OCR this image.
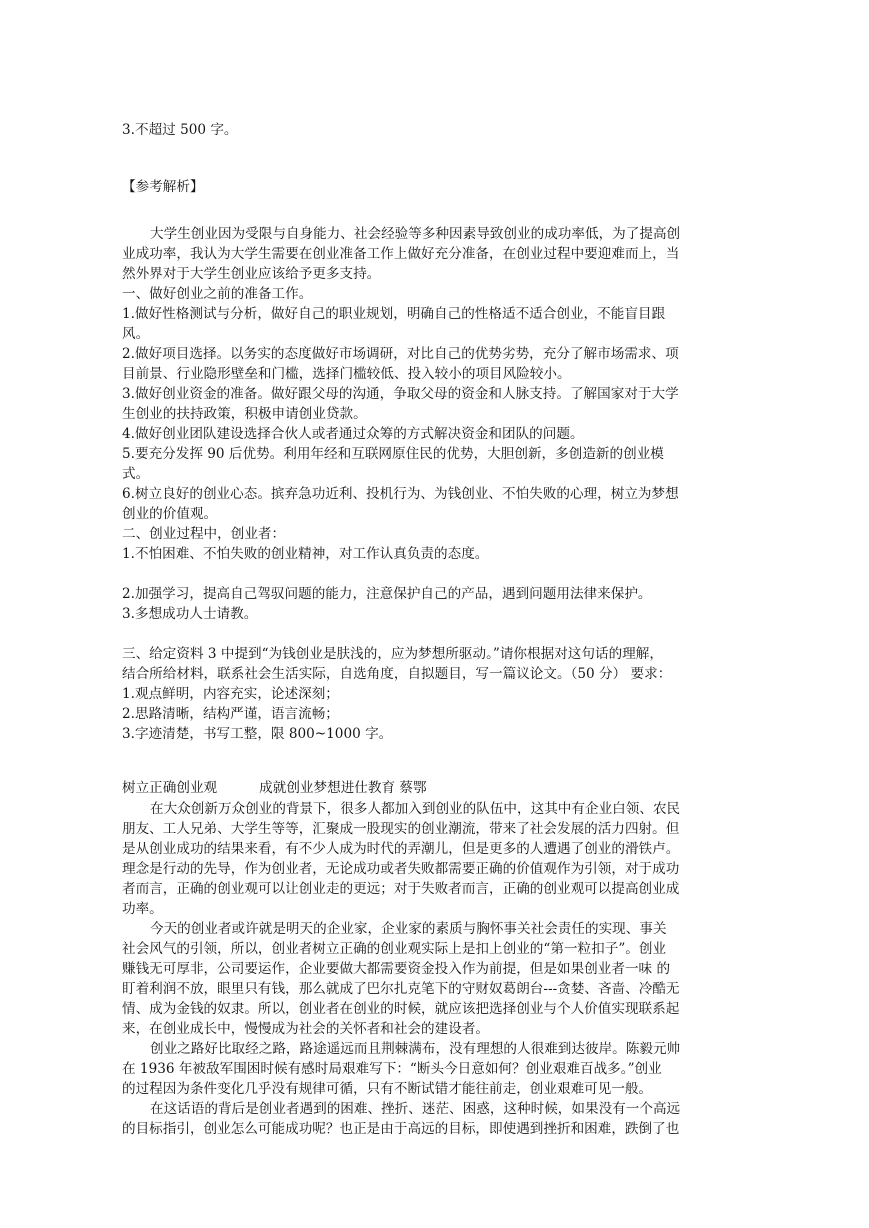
3.不超过 500 字。

【参考解析】

大学生创业因为受限与自身能力、社会经验等多种因素导致创业的成功率低，为了提高创

业成功率，我认为大学生需要在创业准备工作上做好充分准备，在创业过程中要迎难而上，当

然外界对于大学生创业应该给予更多支持。

一、做好创业之前的准备工作。

1.做好性格测试与分析，做好自己的职业规划，明确自己的性格适不适合创业，不能盲目跟

风。

2.做好项目选择。以务实的态度做好市场调研，对比自己的优势劣势，充分了解市场需求、项

目前景、行业隐形壁垒和门槛，选择门槛较低、投入较小的项目风险较小。

3.做好创业资金的准备。做好跟父母的沟通，争取父母的资金和人脉支持。了解国家对于大学

生创业的扶持政策，积极申请创业贷款。

4.做好创业团队建设选择合伙人或者通过众筹的方式解决资金和团队的问题。

5.要充分发挥 90 后优势。利用年经和互联网原住民的优势，大胆创新，多创造新的创业模

式。

6.树立良好的创业心态。摈弃急功近利、投机行为、为钱创业、不怕失败的心理，树立为梦想

创业的价值观。

二、创业过程中，创业者：

1.不怕困难、不怕失败的创业精神，对工作认真负责的态度。

2.加强学习，提高自己驾驭问题的能力，注意保护自己的产品，遇到问题用法律来保护。

3.多想成功人士请教。

三、给定资料 3 中提到“为钱创业是肤浅的，应为梦想所驱动。”请你根据对这句话的理解，

结合所给材料，联系社会生活实际，自选角度，自拟题目，写一篇议论文。（50 分） 要求：

1.观点鲜明，内容充实，论述深刻；

2.思路清晰，结构严谨，语言流畅；

3.字迹清楚，书写工整，限 800~1000 字。

树立正确创业观	成就创业梦想进仕教育 蔡鄂

在大众创新万众创业的背景下，很多人都加入到创业的队伍中，这其中有企业白领、农民

朋友、工人兄弟、大学生等等，汇聚成一股现实的创业潮流，带来了社会发展的活力四射。但

是从创业成功的结果来看，有不少人成为时代的弄潮儿，但是更多的人遭遇了创业的滑铁卢。

理念是行动的先导，作为创业者，无论成功或者失败都需要正确的价值观作为引领，对于成功

者而言，正确的创业观可以让创业走的更远；对于失败者而言，正确的创业观可以提高创业成

功率。

今天的创业者或许就是明天的企业家，企业家的素质与胸怀事关社会责任的实现、事关

社会风气的引领，所以，创业者树立正确的创业观实际上是扣上创业的“第一粒扣子”。创业

赚钱无可厚非，公司要运作，企业要做大都需要资金投入作为前提，但是如果创业者一味 的

盯着利润不放，眼里只有钱，那么就成了巴尔扎克笔下的守财奴葛朗台---贪婪、吝啬、冷酷无

情、成为金钱的奴隶。所以，创业者在创业的时候，就应该把选择创业与个人价值实现联系起

来，在创业成长中，慢慢成为社会的关怀者和社会的建设者。

创业之路好比取经之路，路途遥远而且荆棘满布，没有理想的人很难到达彼岸。陈毅元帅

在 1936 年被敌军围困时候有感时局艰难写下：“断头今日意如何？创业艰难百战多。”创业

的过程因为条件变化几乎没有规律可循，只有不断试错才能往前走，创业艰难可见一般。

在这话语的背后是创业者遇到的困难、挫折、迷茫、困惑，这种时候，如果没有一个高远

的目标指引，创业怎么可能成功呢？也正是由于高远的目标，即使遇到挫折和困难，跌倒了也
